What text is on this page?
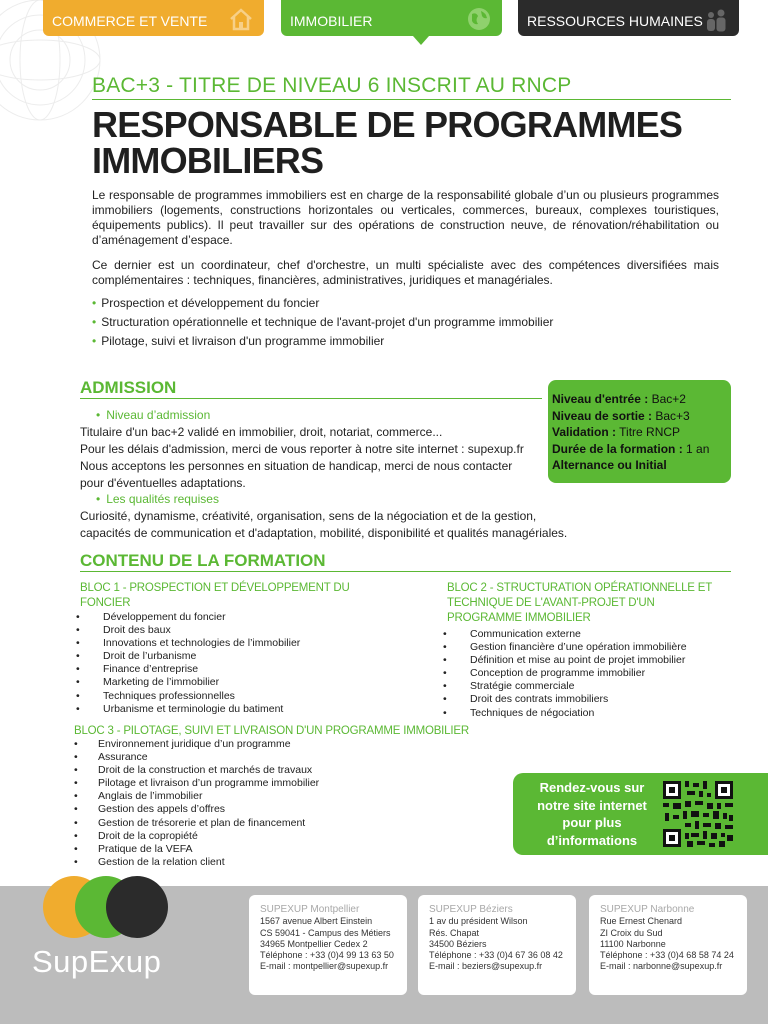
COMMERCE ET VENTE	IMMOBILIER	RESSOURCES HUMAINES
BAC+3 - TITRE DE NIVEAU 6 INSCRIT AU RNCP
RESPONSABLE DE PROGRAMMES
IMMOBILIERS

Le responsable de programmes immobiliers est en charge de la responsabilité globale d’un ou plusieurs programmes immobiliers (logements, constructions horizontales ou verticales, commerces, bureaux, complexes touristiques, équipements publics). Il peut travailler sur des opérations de construction neuve, de rénovation/réhabilitation ou d’aménagement d’espace.

Ce dernier est un coordinateur, chef d'orchestre, un multi spécialiste avec des compétences diversifiées mais complémentaires : techniques, financières, administratives, juridiques et managériales.

• Prospection et développement du foncier
• Structuration opérationnelle et technique de l'avant-projet d'un programme immobilier
• Pilotage, suivi et livraison d'un programme immobilier
ADMISSION
Niveau d'entrée : Bac+2
Niveau de sortie : Bac+3
Validation : Titre RNCP
Durée de la formation : 1 an
Alternance ou Initial
• Niveau d’admission
Titulaire d'un bac+2 validé en immobilier, droit, notariat, commerce...
Pour les délais d'admission, merci de vous reporter à notre site internet : supexup.fr
Nous acceptons les personnes en situation de handicap, merci de nous contacter
pour d'éventuelles adaptations.
• Les qualités requises
Curiosité, dynamisme, créativité, organisation, sens de la négociation et de la gestion,
capacités de communication et d'adaptation, mobilité, disponibilité et qualités managériales.
CONTENU DE LA FORMATION
BLOC 1 - PROSPECTION ET DÉVELOPPEMENT DU FONCIER
• Développement du foncier
• Droit des baux
• Innovations et technologies de l’immobilier
• Droit de l’urbanisme
• Finance d’entreprise
• Marketing de l’immobilier
• Techniques professionnelles
• Urbanisme et terminologie du batiment
BLOC 2 - STRUCTURATION OPÉRATIONNELLE ET TECHNIQUE DE L'AVANT-PROJET D'UN PROGRAMME IMMOBILIER
• Communication externe
• Gestion financière d’une opération immobilière
• Définition et mise au point de projet immobilier
• Conception de programme immobilier
• Stratégie commerciale
• Droit des contrats immobiliers
• Techniques de négociation
BLOC 3 - PILOTAGE, SUIVI ET LIVRAISON D'UN PROGRAMME IMMOBILIER
• Environnement juridique d’un programme
• Assurance
• Droit de la construction et marchés de travaux
• Pilotage et livraison d’un programme immobilier
• Anglais de l’immobilier
• Gestion des appels d’offres
• Gestion de trésorerie et plan de financement
• Droit de la copropiété
• Pratique de la VEFA
• Gestion de la relation client
Rendez-vous sur notre site internet pour plus d’informations
SupExup
SUPEXUP Montpellier
1567 avenue Albert Einstein
CS 59041 - Campus des Métiers
34965 Montpellier Cedex 2
Téléphone : +33 (0)4 99 13 63 50
E-mail : montpellier@supexup.fr
SUPEXUP Béziers
1 av du président Wilson
Rés. Chapat
34500 Béziers
Téléphone : +33 (0)4 67 36 08 42
E-mail : beziers@supexup.fr
SUPEXUP Narbonne
Rue Ernest Chenard
ZI Croix du Sud
11100 Narbonne
Téléphone : +33 (0)4 68 58 74 24
E-mail : narbonne@supexup.fr
